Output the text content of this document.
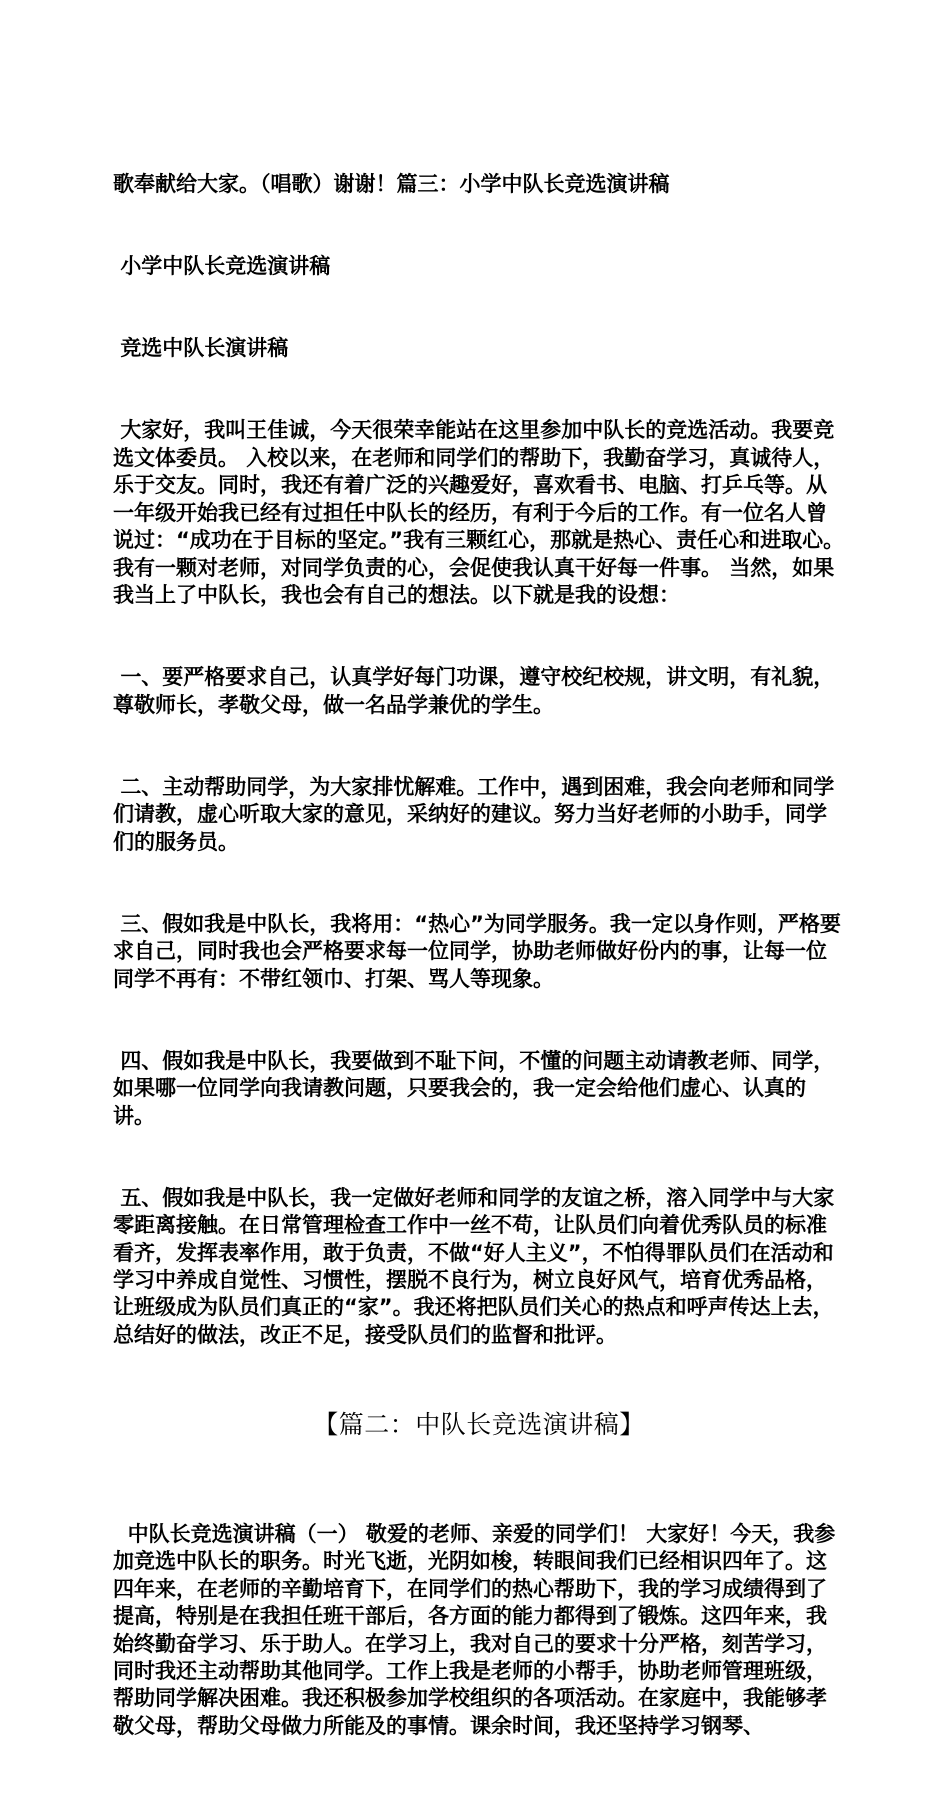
歌奉献给大家。（唱歌）谢谢！篇三：小学中队长竞选演讲稿

小学中队长竞选演讲稿

竞选中队长演讲稿

大家好，我叫王佳诚，今天很荣幸能站在这里参加中队长的竞选活动。我要竞选文体委员。 入校以来，在老师和同学们的帮助下，我勤奋学习，真诚待人，乐于交友。同时，我还有着广泛的兴趣爱好，喜欢看书、电脑、打乒乓等。从一年级开始我已经有过担任中队长的经历，有利于今后的工作。有一位名人曾说过：“成功在于目标的坚定。”我有三颗红心，那就是热心、责任心和进取心。我有一颗对老师，对同学负责的心，会促使我认真干好每一件事。 当然，如果我当上了中队长，我也会有自己的想法。以下就是我的设想：

一、要严格要求自己，认真学好每门功课，遵守校纪校规，讲文明，有礼貌，尊敬师长，孝敬父母，做一名品学兼优的学生。

二、主动帮助同学，为大家排忧解难。工作中，遇到困难，我会向老师和同学们请教，虚心听取大家的意见，采纳好的建议。努力当好老师的小助手，同学们的服务员。

三、假如我是中队长，我将用：“热心”为同学服务。我一定以身作则，严格要求自己，同时我也会严格要求每一位同学，协助老师做好份内的事，让每一位同学不再有：不带红领巾、打架、骂人等现象。

四、假如我是中队长，我要做到不耻下问，不懂的问题主动请教老师、同学，如果哪一位同学向我请教问题，只要我会的，我一定会给他们虚心、认真的讲。

五、假如我是中队长，我一定做好老师和同学的友谊之桥，溶入同学中与大家零距离接触。在日常管理检查工作中一丝不苟，让队员们向着优秀队员的标准看齐，发挥表率作用，敢于负责，不做“好人主义”，不怕得罪队员们在活动和学习中养成自觉性、习惯性，摆脱不良行为，树立良好风气，培育优秀品格，让班级成为队员们真正的“家”。我还将把队员们关心的热点和呼声传达上去，总结好的做法，改正不足，接受队员们的监督和批评。

【篇二：中队长竞选演讲稿】

中队长竞选演讲稿（一） 敬爱的老师、亲爱的同学们！ 大家好！今天，我参加竞选中队长的职务。时光飞逝，光阴如梭，转眼间我们已经相识四年了。这四年来，在老师的辛勤培育下，在同学们的热心帮助下，我的学习成绩得到了提高，特别是在我担任班干部后，各方面的能力都得到了锻炼。这四年来，我始终勤奋学习、乐于助人。在学习上，我对自己的要求十分严格，刻苦学习，同时我还主动帮助其他同学。工作上我是老师的小帮手，协助老师管理班级，帮助同学解决困难。我还积极参加学校组织的各项活动。在家庭中，我能够孝敬父母，帮助父母做力所能及的事情。课余时间，我还坚持学习钢琴、
